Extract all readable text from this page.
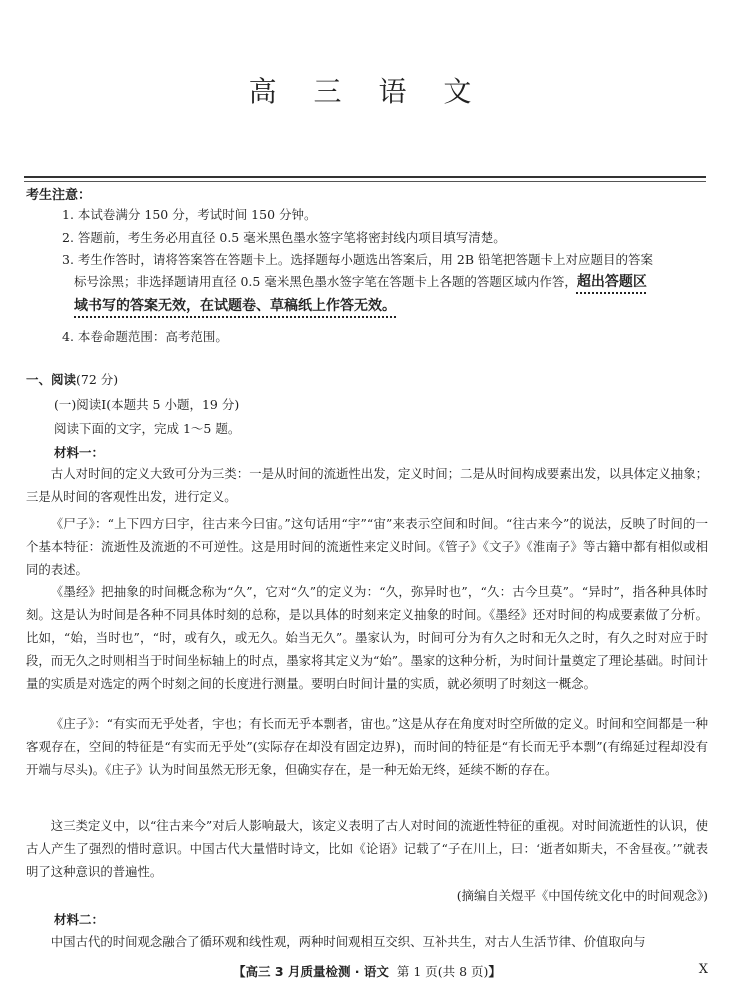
高 三 语 文
考生注意：
1. 本试卷满分 150 分，考试时间 150 分钟。
2. 答题前，考生务必用直径 0.5 毫米黑色墨水签字笔将密封线内项目填写清楚。
3. 考生作答时，请将答案答在答题卡上。选择题每小题选出答案后，用 2B 铅笔把答题卡上对应题目的答案
标号涂黑；非选择题请用直径 0.5 毫米黑色墨水签字笔在答题卡上各题的答题区域内作答，超出答题区
域书写的答案无效，在试题卷、草稿纸上作答无效。
4. 本卷命题范围：高考范围。
一、阅读(72 分)
(一)阅读Ⅰ(本题共 5 小题，19 分)
阅读下面的文字，完成 1～5 题。
材料一：
古人对时间的定义大致可分为三类：一是从时间的流逝性出发，定义时间；二是从时间构成要素出发，以具体定义抽象；三是从时间的客观性出发，进行定义。
《尸子》：“上下四方曰宇，往古来今曰宙。”这句话用“宇”“宙”来表示空间和时间。“往古来今”的说法，反映了时间的一个基本特征：流逝性及流逝的不可逆性。这是用时间的流逝性来定义时间。《管子》《文子》《淮南子》等古籍中都有相似或相同的表述。
《墨经》把抽象的时间概念称为“久”，它对“久”的定义为：“久，弥异时也”，“久：古今旦莫”。“异时”，指各种具体时刻。这是认为时间是各种不同具体时刻的总称，是以具体的时刻来定义抽象的时间。《墨经》还对时间的构成要素做了分析。比如，“始，当时也”，“时，或有久，或无久。始当无久”。墨家认为，时间可分为有久之时和无久之时，有久之时对应于时段，而无久之时则相当于时间坐标轴上的时点，墨家将其定义为“始”。墨家的这种分析，为时间计量奠定了理论基础。时间计量的实质是对选定的两个时刻之间的长度进行测量。要明白时间计量的实质，就必须明了时刻这一概念。
《庄子》：“有实而无乎处者，宇也；有长而无乎本剽者，宙也。”这是从存在角度对时空所做的定义。时间和空间都是一种客观存在，空间的特征是“有实而无乎处”(实际存在却没有固定边界)，而时间的特征是“有长而无乎本剽”(有绵延过程却没有开端与尽头)。《庄子》认为时间虽然无形无象，但确实存在，是一种无始无终，延续不断的存在。
这三类定义中，以“往古来今”对后人影响最大，该定义表明了古人对时间的流逝性特征的重视。对时间流逝性的认识，使古人产生了强烈的惜时意识。中国古代大量惜时诗文，比如《论语》记载了“子在川上，曰：‘逝者如斯夫，不舍昼夜。’”就表明了这种意识的普遍性。
(摘编自关煜平《中国传统文化中的时间观念》)
材料二：
中国古代的时间观念融合了循环观和线性观，两种时间观相互交织、互补共生，对古人生活节律、价值取向与
【高三 3 月质量检测 · 语文 第 1 页(共 8 页)】	X
